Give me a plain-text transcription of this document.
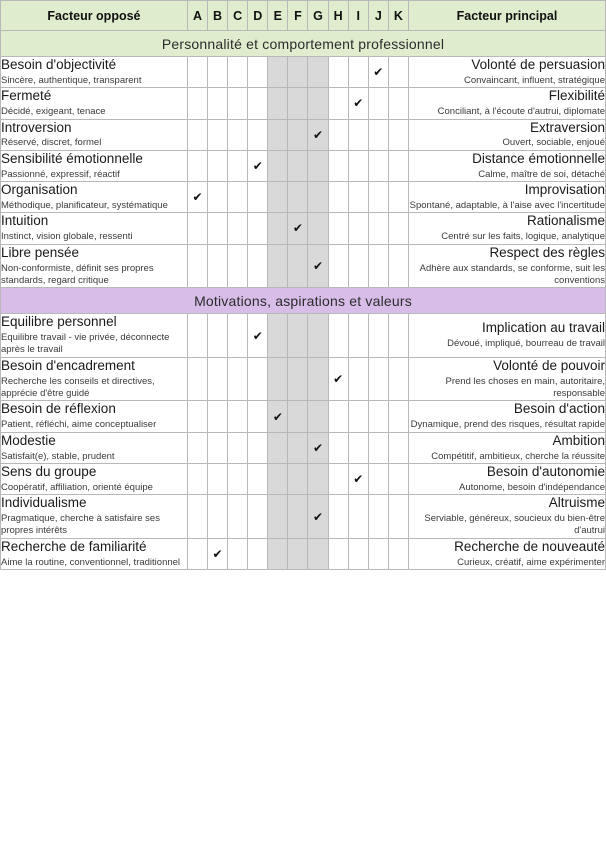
Facteur opposé	A	B	C	D	E	F	G	H	I	J	K	Facteur principal
Personnalité et comportement professionnel												

Besoin d'objectivité
Sincère, authentique, transparent
										✔		
Volonté de persuasion
Convaincant, influent, stratégique

Fermeté
Décidé, exigeant, tenace
									✔			
Flexibilité
Conciliant, à l'écoute d'autrui, diplomate

Introversion
Réservé, discret, formel
							✔					
Extraversion
Ouvert, sociable, enjoué

Sensibilité émotionnelle
Passionné, expressif, réactif
				✔								
Distance émotionnelle
Calme, maître de soi, détaché

Organisation
Méthodique, planificateur, systématique
	✔											
Improvisation
Spontané, adaptable, à l'aise avec l'incertitude

Intuition
Instinct, vision globale, ressenti
						✔						
Rationalisme
Centré sur les faits, logique, analytique

Libre pensée
Non-conformiste, définit ses propres standards, regard critique
							✔					
Respect des règles
Adhère aux standards, se conforme, suit les conventions

Motivations, aspirations et valeurs												

Equilibre personnel
Equilibre travail - vie privée, déconnecte après le travail
				✔								
Implication au travail
Dévoué, impliqué, bourreau de travail

Besoin d'encadrement
Recherche les conseils et directives, apprécie d'être guidé
								✔				
Volonté de pouvoir
Prend les choses en main, autoritaire, responsable

Besoin de réflexion
Patient, réfléchi, aime conceptualiser
					✔							
Besoin d'action
Dynamique, prend des risques, résultat rapide

Modestie
Satisfait(e), stable, prudent
							✔					
Ambition
Compétitif, ambitieux, cherche la réussite

Sens du groupe
Coopératif, affiliation, orienté équipe
									✔			
Besoin d'autonomie
Autonome, besoin d'indépendance

Individualisme
Pragmatique, cherche à satisfaire ses propres intérêts
							✔					
Altruisme
Serviable, généreux, soucieux du bien-être d'autrui

Recherche de familiarité
Aime la routine, conventionnel, traditionnel
		✔										
Recherche de nouveauté
Curieux, créatif, aime expérimenter
